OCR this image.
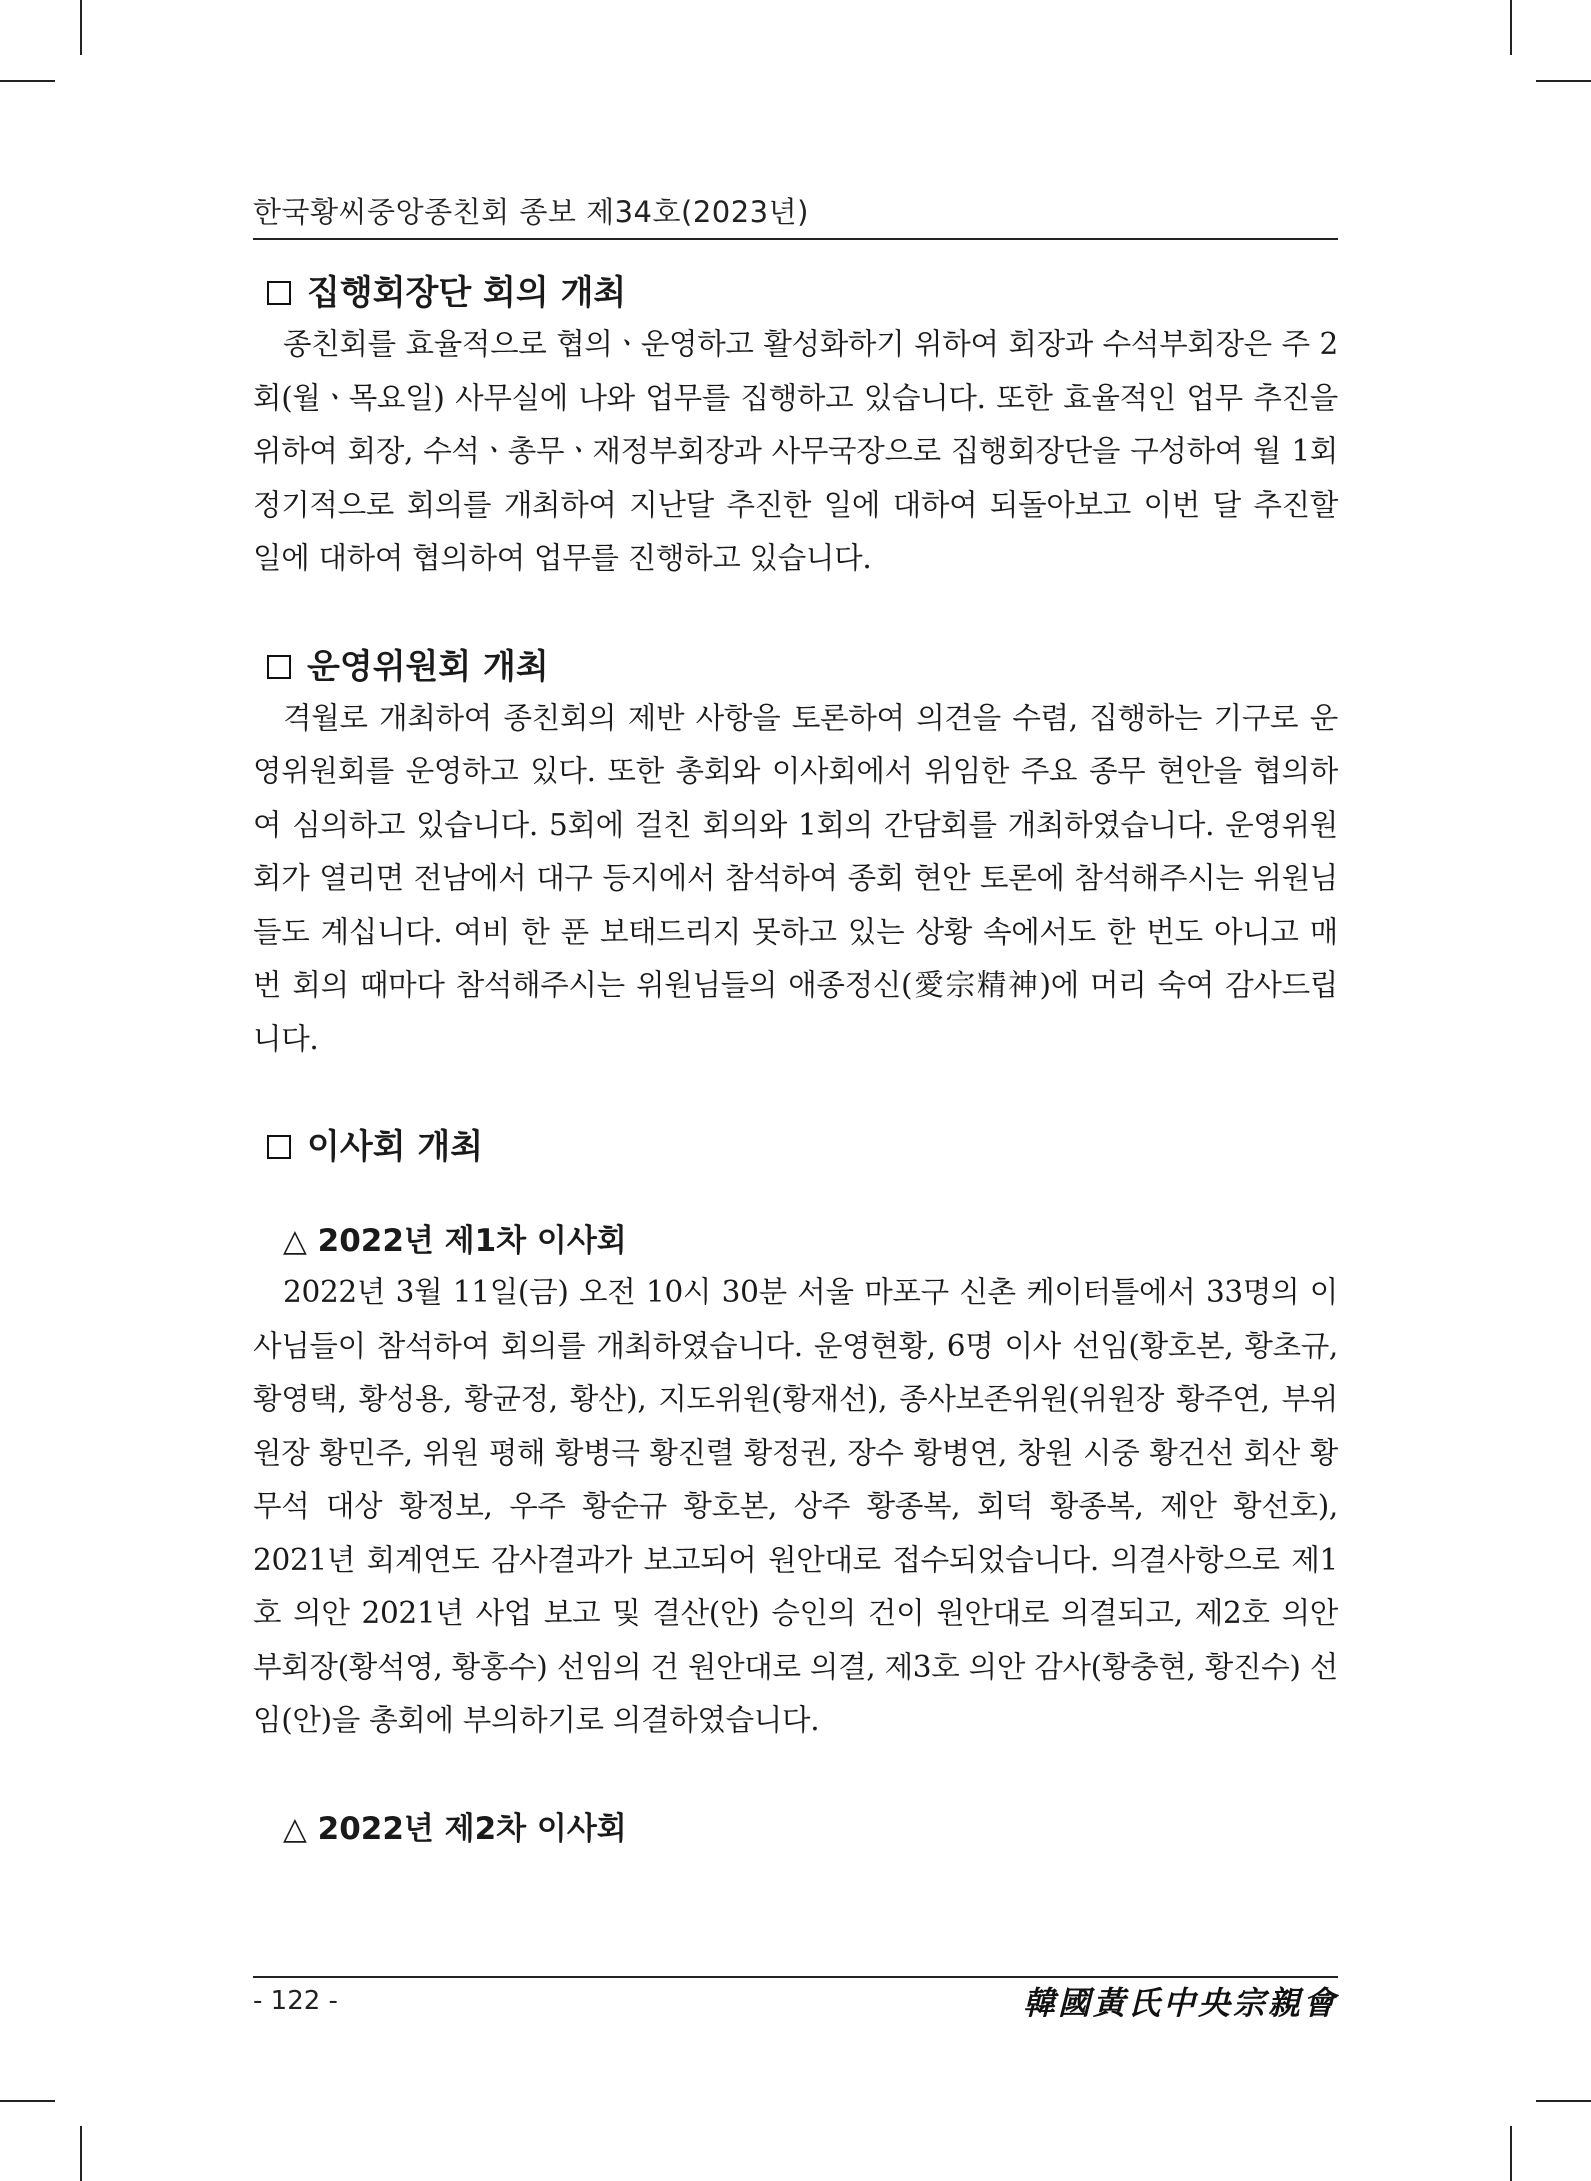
한국황씨중앙종친회 종보 제34호(2023년)
집행회장단 회의 개최

종친회를 효율적으로 협의ㆍ운영하고 활성화하기 위하여 회장과 수석부회장은 주 2회(월ㆍ목요일) 사무실에 나와 업무를 집행하고 있습니다. 또한 효율적인 업무 추진을 위하여 회장, 수석ㆍ총무ㆍ재정부회장과 사무국장으로 집행회장단을 구성하여 월 1회 정기적으로 회의를 개최하여 지난달 추진한 일에 대하여 되돌아보고 이번 달 추진할 일에 대하여 협의하여 업무를 진행하고 있습니다.

운영위원회 개최

격월로 개최하여 종친회의 제반 사항을 토론하여 의견을 수렴, 집행하는 기구로 운영위원회를 운영하고 있다. 또한 총회와 이사회에서 위임한 주요 종무 현안을 협의하여 심의하고 있습니다. 5회에 걸친 회의와 1회의 간담회를 개최하였습니다. 운영위원회가 열리면 전남에서 대구 등지에서 참석하여 종회 현안 토론에 참석해주시는 위원님들도 계십니다. 여비 한 푼 보태드리지 못하고 있는 상황 속에서도 한 번도 아니고 매번 회의 때마다 참석해주시는 위원님들의 애종정신(愛宗精神)에 머리 숙여 감사드립니다.

이사회 개최
△ 2022년 제1차 이사회

2022년 3월 11일(금) 오전 10시 30분 서울 마포구 신촌 케이터틀에서 33명의 이사님들이 참석하여 회의를 개최하였습니다. 운영현황, 6명 이사 선임(황호본, 황초규, 황영택, 황성용, 황균정, 황산), 지도위원(황재선), 종사보존위원(위원장 황주연, 부위원장 황민주, 위원 평해 황병극 황진렬 황정권, 장수 황병연, 창원 시중 황건선 회산 황무석 대상 황정보, 우주 황순규 황호본, 상주 황종복, 회덕 황종복, 제안 황선호), 2021년 회계연도 감사결과가 보고되어 원안대로 접수되었습니다. 의결사항으로 제1호 의안 2021년 사업 보고 및 결산(안) 승인의 건이 원안대로 의결되고, 제2호 의안 부회장(황석영, 황홍수) 선임의 건 원안대로 의결, 제3호 의안 감사(황충현, 황진수) 선임(안)을 총회에 부의하기로 의결하였습니다.

△ 2022년 제2차 이사회
- 122 -	韓國黃氏中央宗親會
